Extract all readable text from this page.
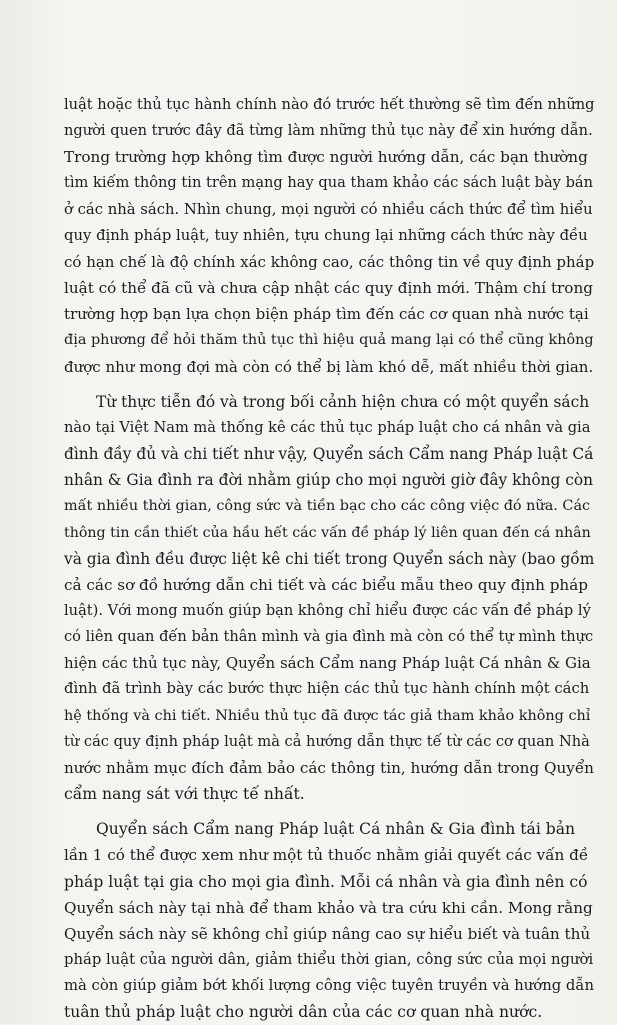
luật hoặc thủ tục hành chính nào đó trước hết thường sẽ tìm đến những
người quen trước đây đã từng làm những thủ tục này để xin hướng dẫn.
Trong trường hợp không tìm được người hướng dẫn, các bạn thường
tìm kiếm thông tin trên mạng hay qua tham khảo các sách luật bày bán
ở các nhà sách. Nhìn chung, mọi người có nhiều cách thức để tìm hiểu
quy định pháp luật, tuy nhiên, tựu chung lại những cách thức này đều
có hạn chế là độ chính xác không cao, các thông tin về quy định pháp
luật có thể đã cũ và chưa cập nhật các quy định mới. Thậm chí trong
trường hợp bạn lựa chọn biện pháp tìm đến các cơ quan nhà nước tại
địa phương để hỏi thăm thủ tục thì hiệu quả mang lại có thể cũng không
được như mong đợi mà còn có thể bị làm khó dễ, mất nhiều thời gian.

Từ thực tiễn đó và trong bối cảnh hiện chưa có một quyển sách
nào tại Việt Nam mà thống kê các thủ tục pháp luật cho cá nhân và gia
đình đầy đủ và chi tiết như vậy, Quyển sách Cẩm nang Pháp luật Cá
nhân & Gia đình ra đời nhằm giúp cho mọi người giờ đây không còn
mất nhiều thời gian, công sức và tiền bạc cho các công việc đó nữa. Các
thông tin cần thiết của hầu hết các vấn đề pháp lý liên quan đến cá nhân
và gia đình đều được liệt kê chi tiết trong Quyển sách này (bao gồm
cả các sơ đồ hướng dẫn chi tiết và các biểu mẫu theo quy định pháp
luật). Với mong muốn giúp bạn không chỉ hiểu được các vấn đề pháp lý
có liên quan đến bản thân mình và gia đình mà còn có thể tự mình thực
hiện các thủ tục này, Quyển sách Cẩm nang Pháp luật Cá nhân & Gia
đình đã trình bày các bước thực hiện các thủ tục hành chính một cách
hệ thống và chi tiết. Nhiều thủ tục đã được tác giả tham khảo không chỉ
từ các quy định pháp luật mà cả hướng dẫn thực tế từ các cơ quan Nhà
nước nhằm mục đích đảm bảo các thông tin, hướng dẫn trong Quyển
cẩm nang sát với thực tế nhất.

Quyển sách Cẩm nang Pháp luật Cá nhân & Gia đình tái bản
lần 1 có thể được xem như một tủ thuốc nhằm giải quyết các vấn đề
pháp luật tại gia cho mọi gia đình. Mỗi cá nhân và gia đình nên có
Quyển sách này tại nhà để tham khảo và tra cứu khi cần. Mong rằng
Quyển sách này sẽ không chỉ giúp nâng cao sự hiểu biết và tuân thủ
pháp luật của người dân, giảm thiểu thời gian, công sức của mọi người
mà còn giúp giảm bớt khối lượng công việc tuyên truyền và hướng dẫn
tuân thủ pháp luật cho người dân của các cơ quan nhà nước.
